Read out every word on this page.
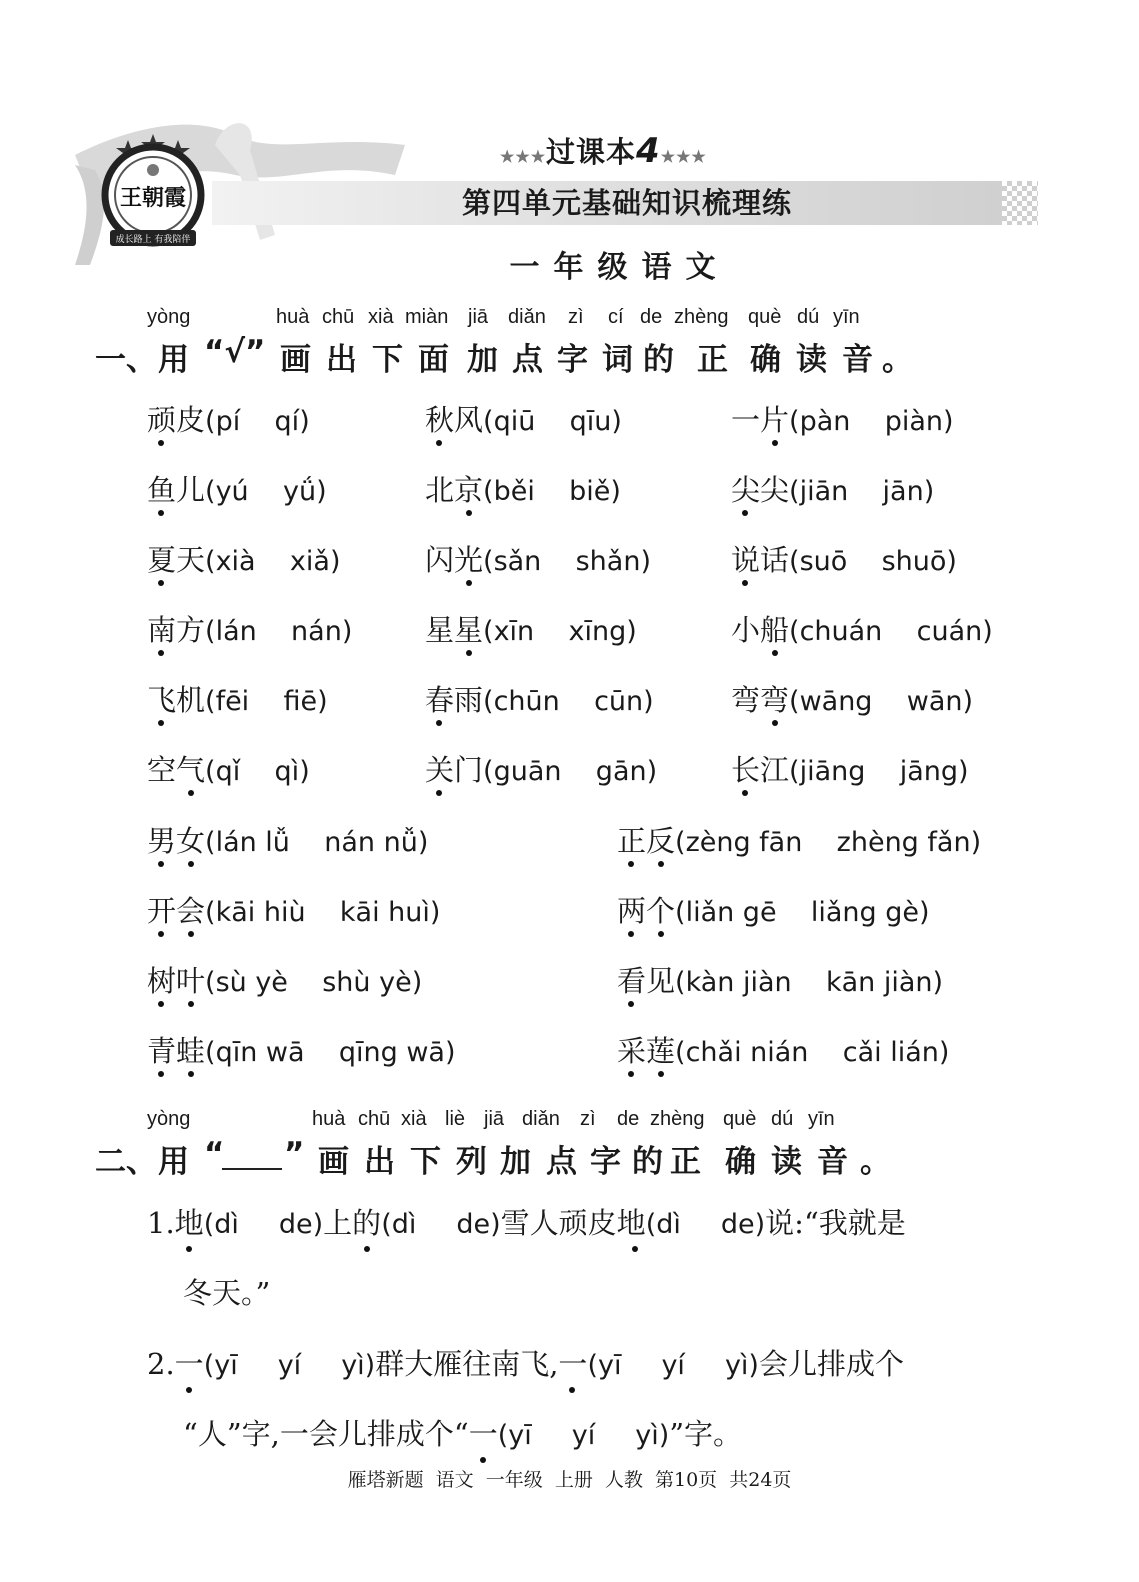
王朝霞
成长路上 有我陪伴
★★★过课本4★★★
第四单元基础知识梳理练
一年级语文
yòng	huà chū xià miàn jiā diǎn zì cí de zhèng què dú yīn
一、 用 “√” 画 出 下 面 加 点 字 词 的 正 确 读 音 。
顽皮(pí    qí)	秋风(qiū    qīu)	一片(pàn    piàn)
鱼儿(yú    yǘ)	北京(běi    biě)	尖尖(jiān    jān)
夏天(xià    xiǎ)	闪光(sǎn    shǎn)	说话(suō    shuō)
南方(lán    nán)	星星(xīn    xīng)	小船(chuán    cuán)
飞机(fēi    fiē)	春雨(chūn    cūn)	弯弯(wāng    wān)
空气(qǐ    qì)	关门(guān    gān)	长江(jiāng    jāng)
男女(lán lǚ    nán nǚ)	正反(zèng fān    zhèng fǎn)
开会(kāi hiù    kāi huì)	两个(liǎn gē    liǎng gè)
树叶(sù yè    shù yè)	看见(kàn jiàn    kān jiàn)
青蛙(qīn wā    qīng wā)	采莲(chǎi nián    cǎi lián)
yòng	huà chū xià liè jiā diǎn zì de zhèng què dú yīn
二、 用 “ ” 画 出 下 列 加 点 字 的 正 确 读 音 。
1.地
(dì de)上的
(dì de)雪人顽皮地
(dì de)说:“我就是
冬天。”
2.一
(yī yí yì)群大雁往南飞,一
(yī yí yì)会儿排成个
“人”字,一会儿排成个“一
(yī yí yì)”字。
雁塔新题  语文  一年级  上册  人教  第10页  共24页
